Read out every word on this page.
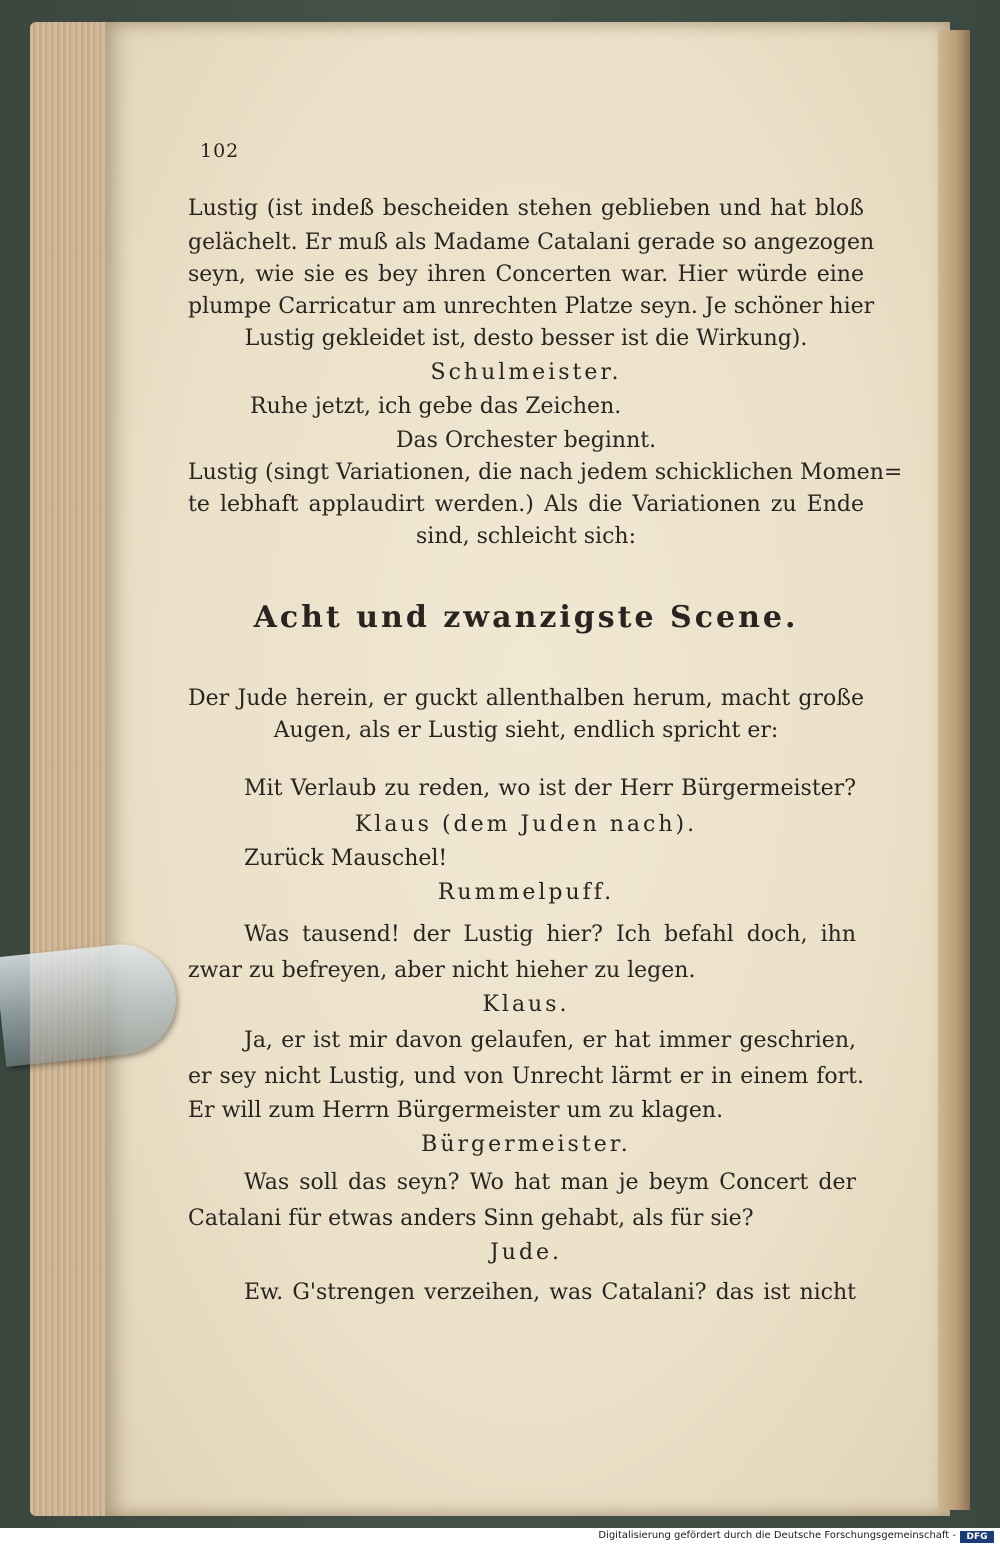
102
Lustig (ist indeß bescheiden stehen geblieben und hat bloß
gelächelt. Er muß als Madame Catalani gerade so angezogen
seyn, wie sie es bey ihren Concerten war. Hier würde eine
plumpe Carricatur am unrechten Platze seyn. Je schöner hier
Lustig gekleidet ist, desto besser ist die Wirkung).
Schulmeister.
Ruhe jetzt, ich gebe das Zeichen.
Das Orchester beginnt.
Lustig (singt Variationen, die nach jedem schicklichen Momen=
te lebhaft applaudirt werden.) Als die Variationen zu Ende
sind, schleicht sich:
Acht und zwanzigste Scene.
Der Jude herein, er guckt allenthalben herum, macht große
Augen, als er Lustig sieht, endlich spricht er:
Mit Verlaub zu reden, wo ist der Herr Bürgermeister?
Klaus (dem Juden nach).
Zurück Mauschel!
Rummelpuff.
Was tausend! der Lustig hier? Ich befahl doch, ihn
zwar zu befreyen, aber nicht hieher zu legen.
Klaus.
Ja, er ist mir davon gelaufen, er hat immer geschrien,
er sey nicht Lustig, und von Unrecht lärmt er in einem fort.
Er will zum Herrn Bürgermeister um zu klagen.
Bürgermeister.
Was soll das seyn? Wo hat man je beym Concert der
Catalani für etwas anders Sinn gehabt, als für sie?
Jude.
Ew. G'strengen verzeihen, was Catalani? das ist nicht
Digitalisierung gefördert durch die Deutsche Forschungsgemeinschaft -	DFG
